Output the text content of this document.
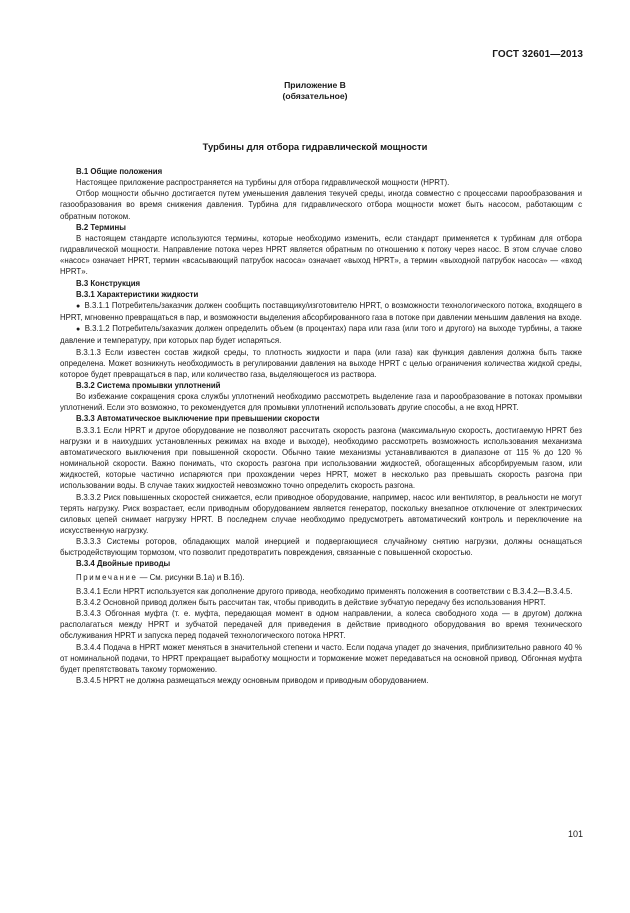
ГОСТ 32601—2013
Приложение В
(обязательное)
Турбины для отбора гидравлической мощности
В.1 Общие положения

Настоящее приложение распространяется на турбины для отбора гидравлической мощности (HPRT).

Отбор мощности обычно достигается путем уменьшения давления текучей среды, иногда совместно с процессами парообразования и газообразования во время снижения давления. Турбина для гидравлического отбора мощности может быть насосом, работающим с обратным потоком.

В.2 Термины

В настоящем стандарте используются термины, которые необходимо изменить, если стандарт применяется к турбинам для отбора гидравлической мощности. Направление потока через HPRT является обратным по отношению к потоку через насос. В этом случае слово «насос» означает HPRT, термин «всасывающий патрубок насоса» означает «выход HPRT», а термин «выходной патрубок насоса» — «вход HPRT».

В.3 Конструкция
В.3.1 Характеристики жидкости

● В.3.1.1 Потребитель/заказчик должен сообщить поставщику/изготовителю HPRT, о возможности технологического потока, входящего в HPRT, мгновенно превращаться в пар, и возможности выделения абсорбированного газа в потоке при давлении меньшим давления на входе.

● В.3.1.2 Потребитель/заказчик должен определить объем (в процентах) пара или газа (или того и другого) на выходе турбины, а также давление и температуру, при которых пар будет испаряться.

В.3.1.3 Если известен состав жидкой среды, то плотность жидкости и пара (или газа) как функция давления должна быть также определена. Может возникнуть необходимость в регулировании давления на выходе HPRT с целью ограничения количества жидкой среды, которое будет превращаться в пар, или количество газа, выделяющегося из раствора.

В.3.2 Система промывки уплотнений

Во избежание сокращения срока службы уплотнений необходимо рассмотреть выделение газа и парообразование в потоках промывки уплотнений. Если это возможно, то рекомендуется для промывки уплотнений использовать другие способы, а не вход HPRT.

В.3.3 Автоматическое выключение при превышении скорости

В.3.3.1 Если HPRT и другое оборудование не позволяют рассчитать скорость разгона (максимальную скорость, достигаемую HPRT без нагрузки и в наихудших установленных режимах на входе и выходе), необходимо рассмотреть возможность использования механизма автоматического выключения при повышенной скорости. Обычно такие механизмы устанавливаются в диапазоне от 115 % до 120 % номинальной скорости. Важно понимать, что скорость разгона при использовании жидкостей, обогащенных абсорбируемым газом, или жидкостей, которые частично испаряются при прохождении через HPRT, может в несколько раз превышать скорость разгона при использовании воды. В случае таких жидкостей невозможно точно определить скорость разгона.

В.3.3.2 Риск повышенных скоростей снижается, если приводное оборудование, например, насос или вентилятор, в реальности не могут терять нагрузку. Риск возрастает, если приводным оборудованием является генератор, поскольку внезапное отключение от электрических силовых цепей снимает нагрузку HPRT. В последнем случае необходимо предусмотреть автоматический контроль и переключение на искусственную нагрузку.

В.3.3.3 Системы роторов, обладающих малой инерцией и подвергающиеся случайному снятию нагрузки, должны оснащаться быстродействующим тормозом, что позволит предотвратить повреждения, связанные с повышенной скоростью.

В.3.4 Двойные приводы

Примечание — См. рисунки В.1а) и В.1б).

В.3.4.1 Если HPRT используется как дополнение другого привода, необходимо применять положения в соответствии с В.3.4.2—В.3.4.5.

В.3.4.2 Основной привод должен быть рассчитан так, чтобы приводить в действие зубчатую передачу без использования HPRT.

В.3.4.3 Обгонная муфта (т. е. муфта, передающая момент в одном направлении, а колеса свободного хода — в другом) должна располагаться между HPRT и зубчатой передачей для приведения в действие приводного оборудования во время технического обслуживания HPRT и запуска перед подачей технологического потока HPRT.

В.3.4.4 Подача в HPRT может меняться в значительной степени и часто. Если подача упадет до значения, приблизительно равного 40 % от номинальной подачи, то HPRT прекращает выработку мощности и торможение может передаваться на основной привод. Обгонная муфта будет препятствовать такому торможению.

В.3.4.5 HPRT не должна размещаться между основным приводом и приводным оборудованием.

101
